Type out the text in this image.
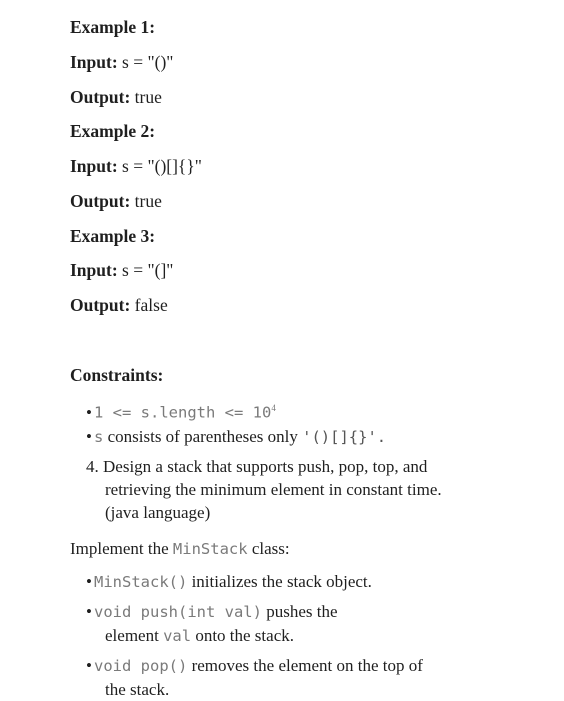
Example 1:
Input: s = "()"
Output: true
Example 2:
Input: s = "()[]{}"
Output: true
Example 3:
Input: s = "(]"
Output: false
Constraints:
• 1 <= s.length <= $10^4$
• s consists of parentheses only '()[]{}'.
4. Design a stack that supports push, pop, top, and
retrieving the minimum element in constant time.
(java language)
Implement the MinStack class:
• MinStack() initializes the stack object.
• void push(int val) pushes the
element val onto the stack.
• void pop() removes the element on the top of
the stack.
